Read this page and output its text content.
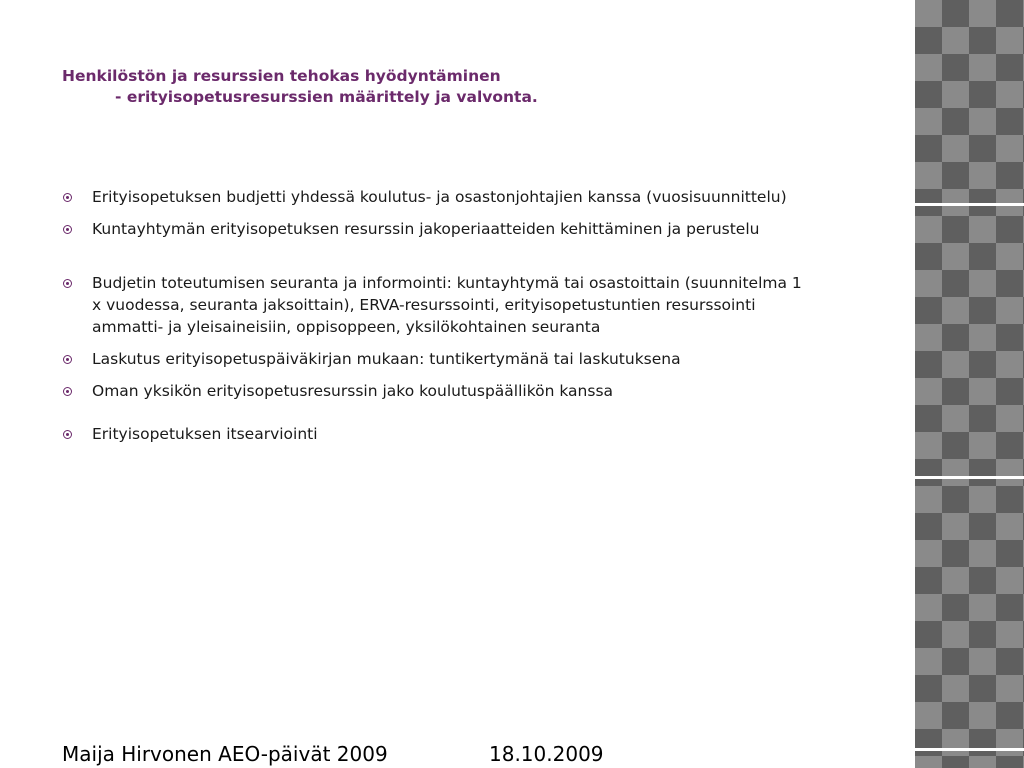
Henkilöstön ja resurssien tehokas hyödyntäminen
- erityisopetusresurssien määrittely ja valvonta.
Erityisopetuksen budjetti yhdessä koulutus- ja osastonjohtajien kanssa (vuosisuunnittelu)
Kuntayhtymän erityisopetuksen resurssin jakoperiaatteiden kehittäminen ja perustelu
Budjetin toteutumisen seuranta ja informointi: kuntayhtymä tai osastoittain (suunnitelma 1 x vuodessa, seuranta jaksoittain), ERVA-resurssointi, erityisopetustuntien resurssointi ammatti- ja yleisaineisiin, oppisoppeen, yksilökohtainen seuranta
Laskutus erityisopetuspäiväkirjan mukaan: tuntikertymänä tai laskutuksena
Oman yksikön erityisopetusresurssin jako koulutuspäällikön kanssa
Erityisopetuksen itsearviointi
Maija Hirvonen AEO-päivät 2009	18.10.2009
